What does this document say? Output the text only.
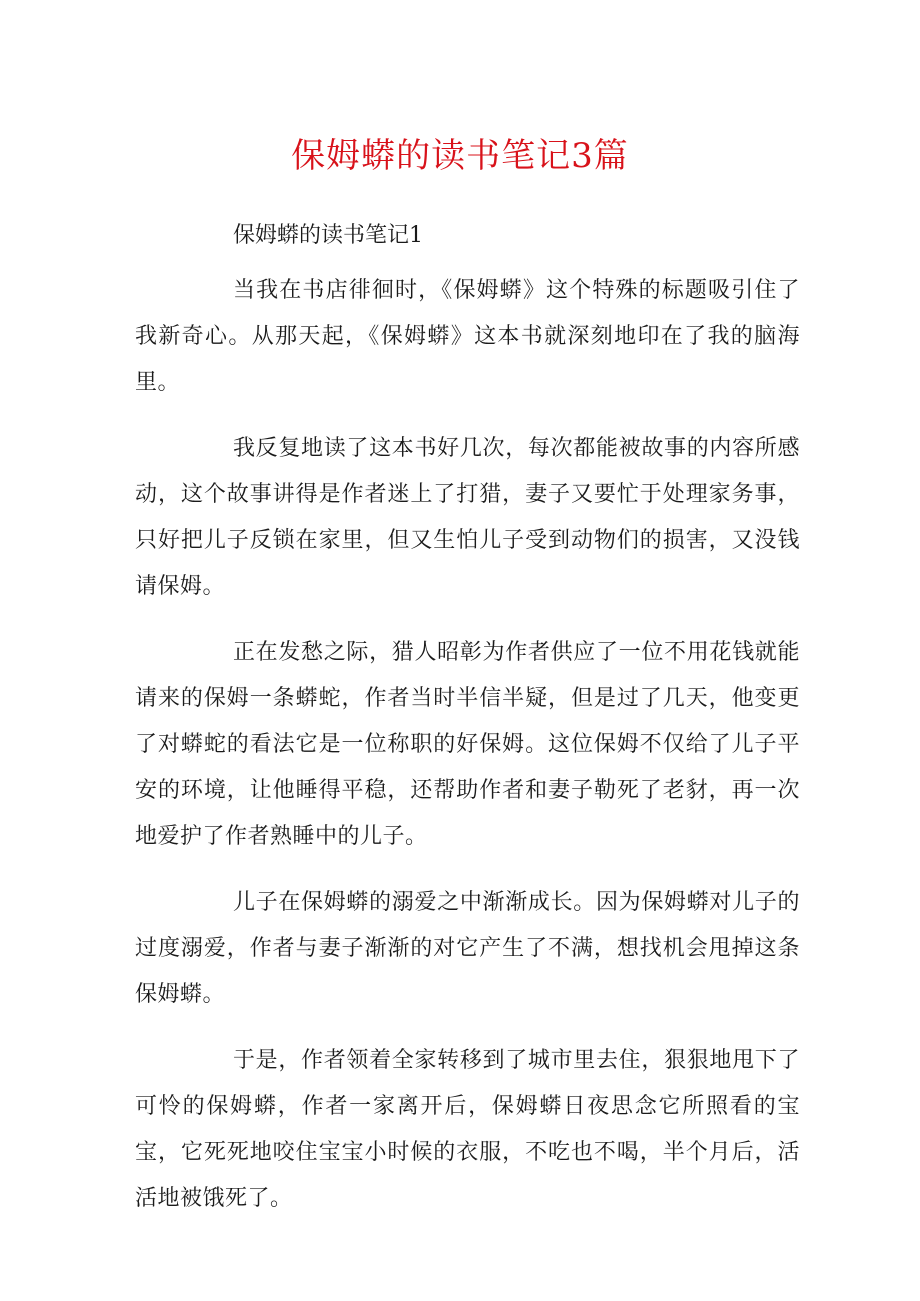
保姆蟒的读书笔记3篇
保姆蟒的读书笔记1

当我在书店徘徊时，《保姆蟒》这个特殊的标题吸引住了我新奇心。从那天起，《保姆蟒》这本书就深刻地印在了我的脑海里。

我反复地读了这本书好几次，每次都能被故事的内容所感动，这个故事讲得是作者迷上了打猎，妻子又要忙于处理家务事，只好把儿子反锁在家里，但又生怕儿子受到动物们的损害，又没钱请保姆。

正在发愁之际，猎人昭彰为作者供应了一位不用花钱就能请来的保姆一条蟒蛇，作者当时半信半疑，但是过了几天，他变更了对蟒蛇的看法它是一位称职的好保姆。这位保姆不仅给了儿子平安的环境，让他睡得平稳，还帮助作者和妻子勒死了老豺，再一次地爱护了作者熟睡中的儿子。

儿子在保姆蟒的溺爱之中渐渐成长。因为保姆蟒对儿子的过度溺爱，作者与妻子渐渐的对它产生了不满，想找机会甩掉这条保姆蟒。

于是，作者领着全家转移到了城市里去住，狠狠地甩下了可怜的保姆蟒，作者一家离开后，保姆蟒日夜思念它所照看的宝宝，它死死地咬住宝宝小时候的衣服，不吃也不喝，半个月后，活活地被饿死了。
